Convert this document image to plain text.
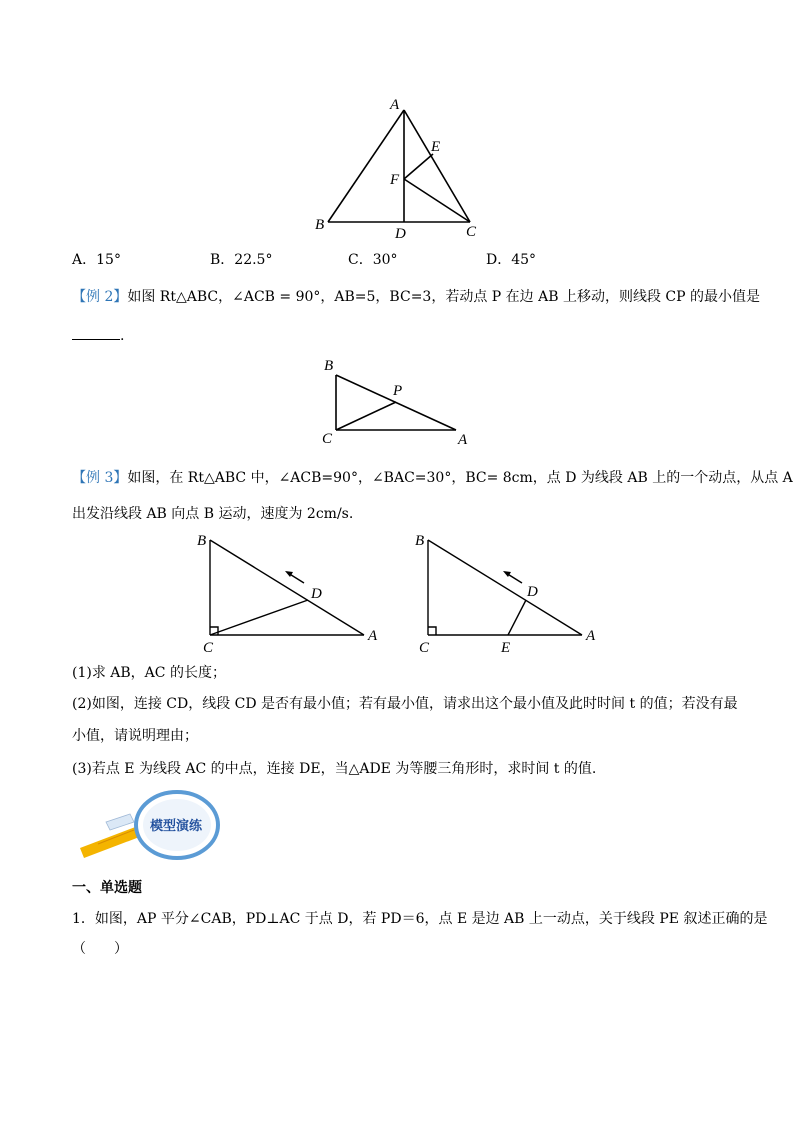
A
E
F
B
D	C
A．15°	B．22.5°	C．30°	D．45°
【例 2】如图 Rt△ABC，∠ACB = 90°，AB=5，BC=3，若动点 P 在边 AB 上移动，则线段 CP 的最小值是
.
B
P
C	A
【例 3】如图，在 Rt△ABC 中，∠ACB=90°，∠BAC=30°，BC= 8cm，点 D 为线段 AB 上的一个动点，从点 A
出发沿线段 AB 向点 B 运动，速度为 2cm/s.
B
D
C
A
B
D
C	E
A
(1)求 AB，AC 的长度；
(2)如图，连接 CD，线段 CD 是否有最小值；若有最小值，请求出这个最小值及此时时间 t 的值；若没有最
小值，请说明理由；
(3)若点 E 为线段 AC 的中点，连接 DE，当△ADE 为等腰三角形时，求时间 t 的值.
模型演练
一、单选题
1．如图，AP 平分∠CAB，PD⊥AC 于点 D，若 PD＝6，点 E 是边 AB 上一动点，关于线段 PE 叙述正确的是
（　　）
